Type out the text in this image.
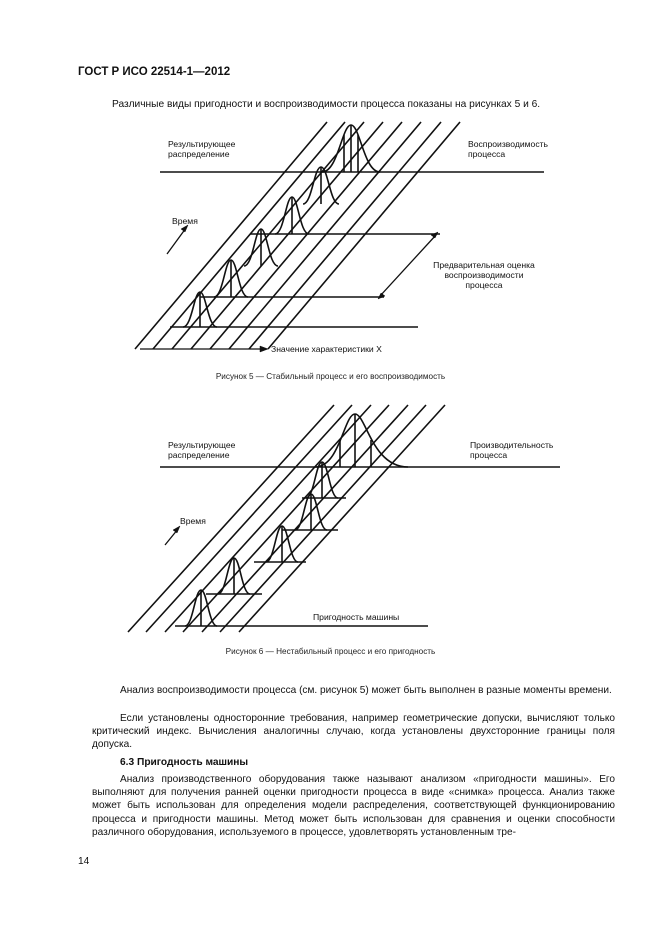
ГОСТ Р ИСО 22514-1—2012
Различные виды пригодности и воспроизводимости процесса показаны на рисунках 5 и 6.
Результирующее
распределение
Воспроизводимость
процесса
Время
Предварительная оценка
воспроизводимости
процесса
Значение характеристики X
Рисунок 5 — Стабильный процесс и его воспроизводимость
Результирующее
распределение
Производительность
процесса
Время
Пригодность машины
Рисунок 6 — Нестабильный процесс и его пригодность
Анализ воспроизводимости процесса (см. рисунок 5) может быть выполнен в разные моменты времени.
Если установлены односторонние требования, например геометрические допуски, вычисляют только критический индекс. Вычисления аналогичны случаю, когда установлены двухсторонние границы поля допуска.
6.3 Пригодность машины
Анализ производственного оборудования также называют анализом «пригодности машины». Его выполняют для получения ранней оценки пригодности процесса в виде «снимка» процесса. Анализ также может быть использован для определения модели распределения, соответствующей функционированию процесса и пригодности машины. Метод может быть использован для сравнения и оценки способности различного оборудования, используемого в процессе, удовлетворять установленным тре-
14
